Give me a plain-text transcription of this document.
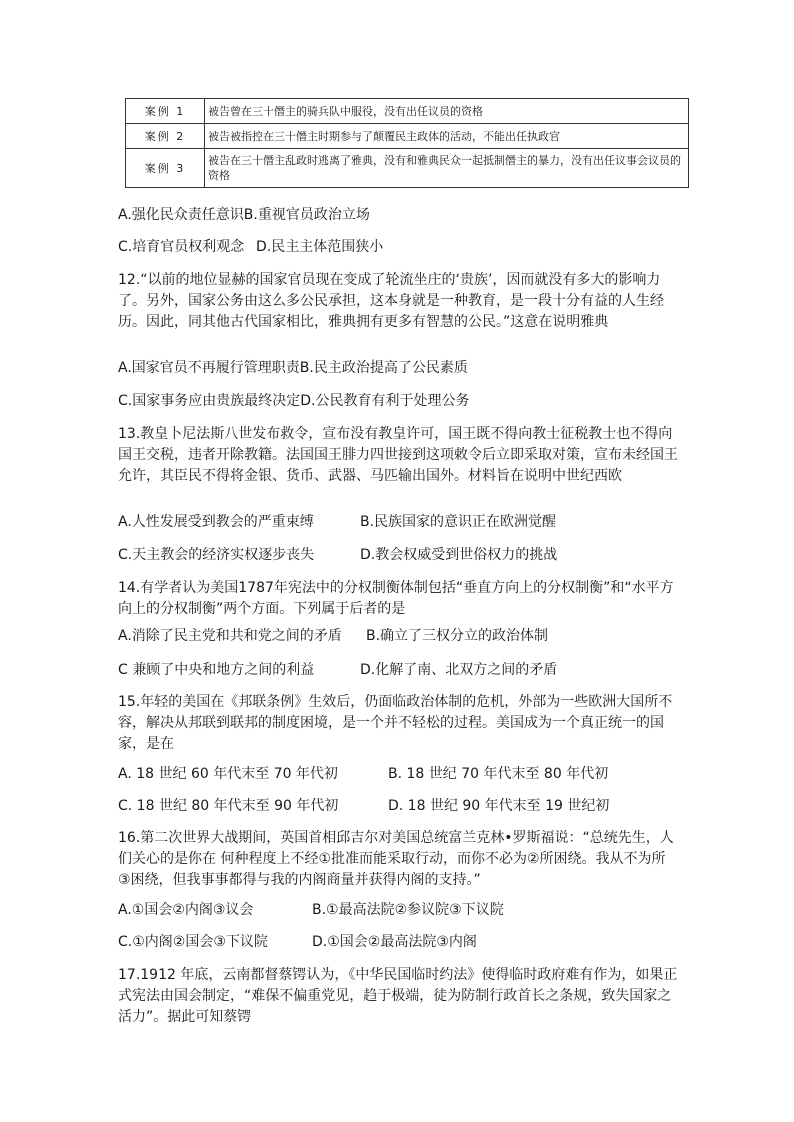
案例 1	被告曾在三十僭主的骑兵队中服役，没有出任议员的资格
案例 2	被告被指控在三十僭主时期参与了颠覆民主政体的活动，不能出任执政官
案例 3	被告在三十僭主乱政时逃离了雅典，没有和雅典民众一起抵制僭主的暴力，没有出任议事会议员的资格
A.强化民众责任意识B.重视官员政治立场
C.培育官员权利观念 D.民主主体范围狭小
12.“以前的地位显赫的国家官员现在变成了轮流坐庄的‘贵族’，因而就没有多大的影响力了。另外，国家公务由这么多公民承担，这本身就是一种教育，是一段十分有益的人生经历。因此，同其他古代国家相比，雅典拥有更多有智慧的公民。”这意在说明雅典
A.国家官员不再履行管理职责B.民主政治提高了公民素质
C.国家事务应由贵族最终决定D.公民教育有利于处理公务
13.教皇卜尼法斯八世发布救令，宣布没有教皇许可，国王既不得向教士征税教士也不得向国王交税，违者开除教籍。法国国王腓力四世接到这项敕令后立即采取对策，宣布未经国王允许，其臣民不得将金银、货币、武器、马匹输出国外。材料旨在说明中世纪西欧
A.人性发展受到教会的严重束缚	B.民族国家的意识正在欧洲觉醒
C.天主教会的经济实权逐步丧失	D.教会权威受到世俗权力的挑战
14.有学者认为美国1787年宪法中的分权制衡体制包括“垂直方向上的分权制衡”和“水平方向上的分权制衡”两个方面。下列属于后者的是
A.消除了民主党和共和党之间的矛盾 B.确立了三权分立的政治体制
C 兼顾了中央和地方之间的利益	D.化解了南、北双方之间的矛盾
15.年轻的美国在《邦联条例》生效后，仍面临政治体制的危机，外部为一些欧洲大国所不容，解决从邦联到联邦的制度困境，是一个并不轻松的过程。美国成为一个真正统一的国家，是在
A. 18 世纪 60 年代末至 70 年代初	B. 18 世纪 70 年代末至 80 年代初
C. 18 世纪 80 年代末至 90 年代初	D. 18 世纪 90 年代末至 19 世纪初
16.第二次世界大战期间，英国首相邱吉尔对美国总统富兰克林•罗斯福说：“总统先生，人们关心的是你在 何种程度上不经①批准而能采取行动，而你不必为②所困绕。我从不为所③困绕，但我事事都得与我的内阁商量并获得内阁的支持。”
A.①国会②内阁③议会	B.①最高法院②参议院③下议院
C.①内阁②国会③下议院	D.①国会②最高法院③内阁
17.1912 年底，云南都督蔡锷认为，《中华民国临时约法》使得临时政府难有作为，如果正式宪法由国会制定，“难保不偏重党见，趋于极端，徒为防制行政首长之条规，致失国家之活力”。据此可知蔡锷
